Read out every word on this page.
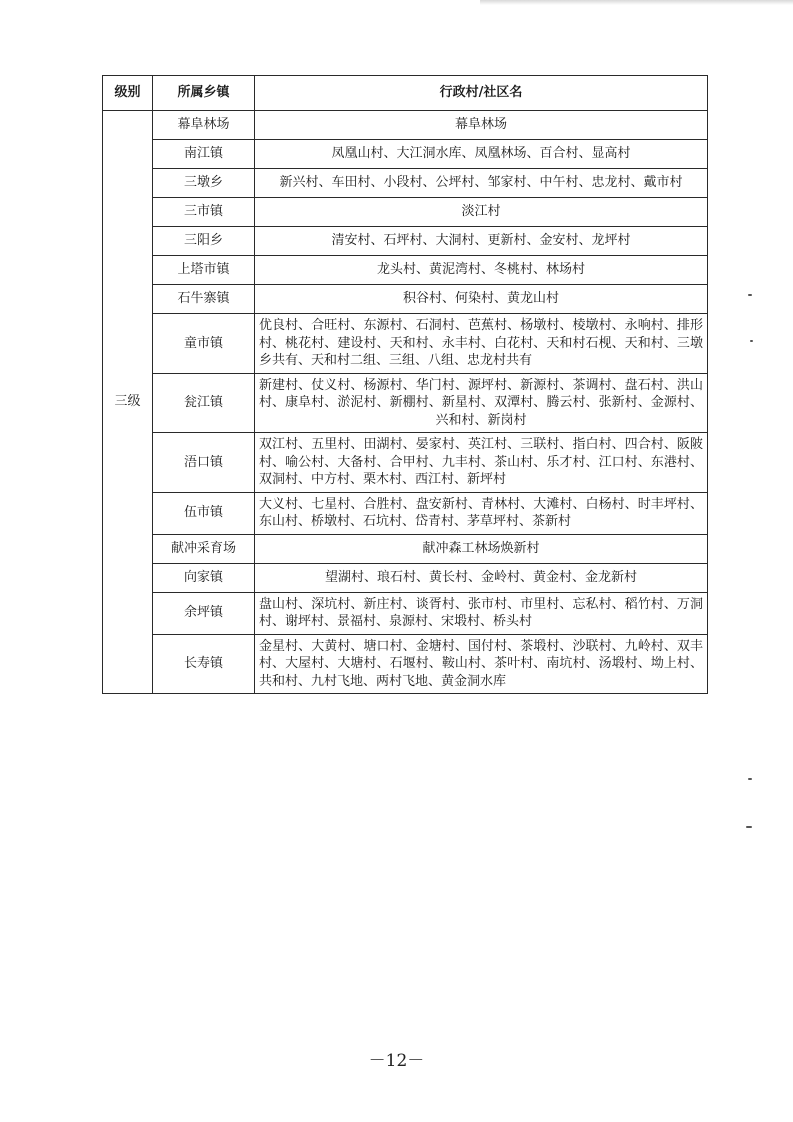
级别	所属乡镇	行政村/社区名
三级	幕阜林场	幕阜林场
	南江镇	凤凰山村、大江洞水库、凤凰林场、百合村、显高村
	三墩乡	新兴村、车田村、小段村、公坪村、邹家村、中午村、忠龙村、戴市村
	三市镇	淡江村
	三阳乡	清安村、石坪村、大洞村、更新村、金安村、龙坪村
	上塔市镇	龙头村、黄泥湾村、冬桃村、林场村
	石牛寨镇	积谷村、何染村、黄龙山村
	童市镇	优良村、合旺村、东源村、石洞村、芭蕉村、杨墩村、棱墩村、永响村、排形村、桃花村、建设村、天和村、永丰村、白花村、天和村石枧、天和村、三墩乡共有、天和村二组、三组、八组、忠龙村共有
	瓮江镇	新建村、仗义村、杨源村、华门村、源坪村、新源村、茶调村、盘石村、洪山村、康阜村、淤泥村、新棚村、新星村、双潭村、腾云村、张新村、金源村、兴和村、新岗村
	浯口镇	双江村、五里村、田湖村、晏家村、英江村、三联村、指白村、四合村、阪陂村、喻公村、大备村、合甲村、九丰村、茶山村、乐才村、江口村、东港村、双洞村、中方村、栗木村、西江村、新坪村
	伍市镇	大义村、七星村、合胜村、盘安新村、青林村、大滩村、白杨村、时丰坪村、东山村、桥墩村、石坑村、岱青村、茅草坪村、茶新村
	献冲采育场	献冲森工林场焕新村
	向家镇	望湖村、琅石村、黄长村、金岭村、黄金村、金龙新村
	余坪镇	盘山村、深坑村、新庄村、谈胥村、张市村、市里村、忘私村、稻竹村、万洞村、谢坪村、景福村、泉源村、宋塅村、桥头村
	长寿镇	金星村、大黄村、塘口村、金塘村、国付村、茶塅村、沙联村、九岭村、双丰村、大屋村、大塘村、石堰村、鞍山村、茶叶村、南坑村、汤塅村、坳上村、共和村、九村飞地、两村飞地、黄金洞水库
－12－
